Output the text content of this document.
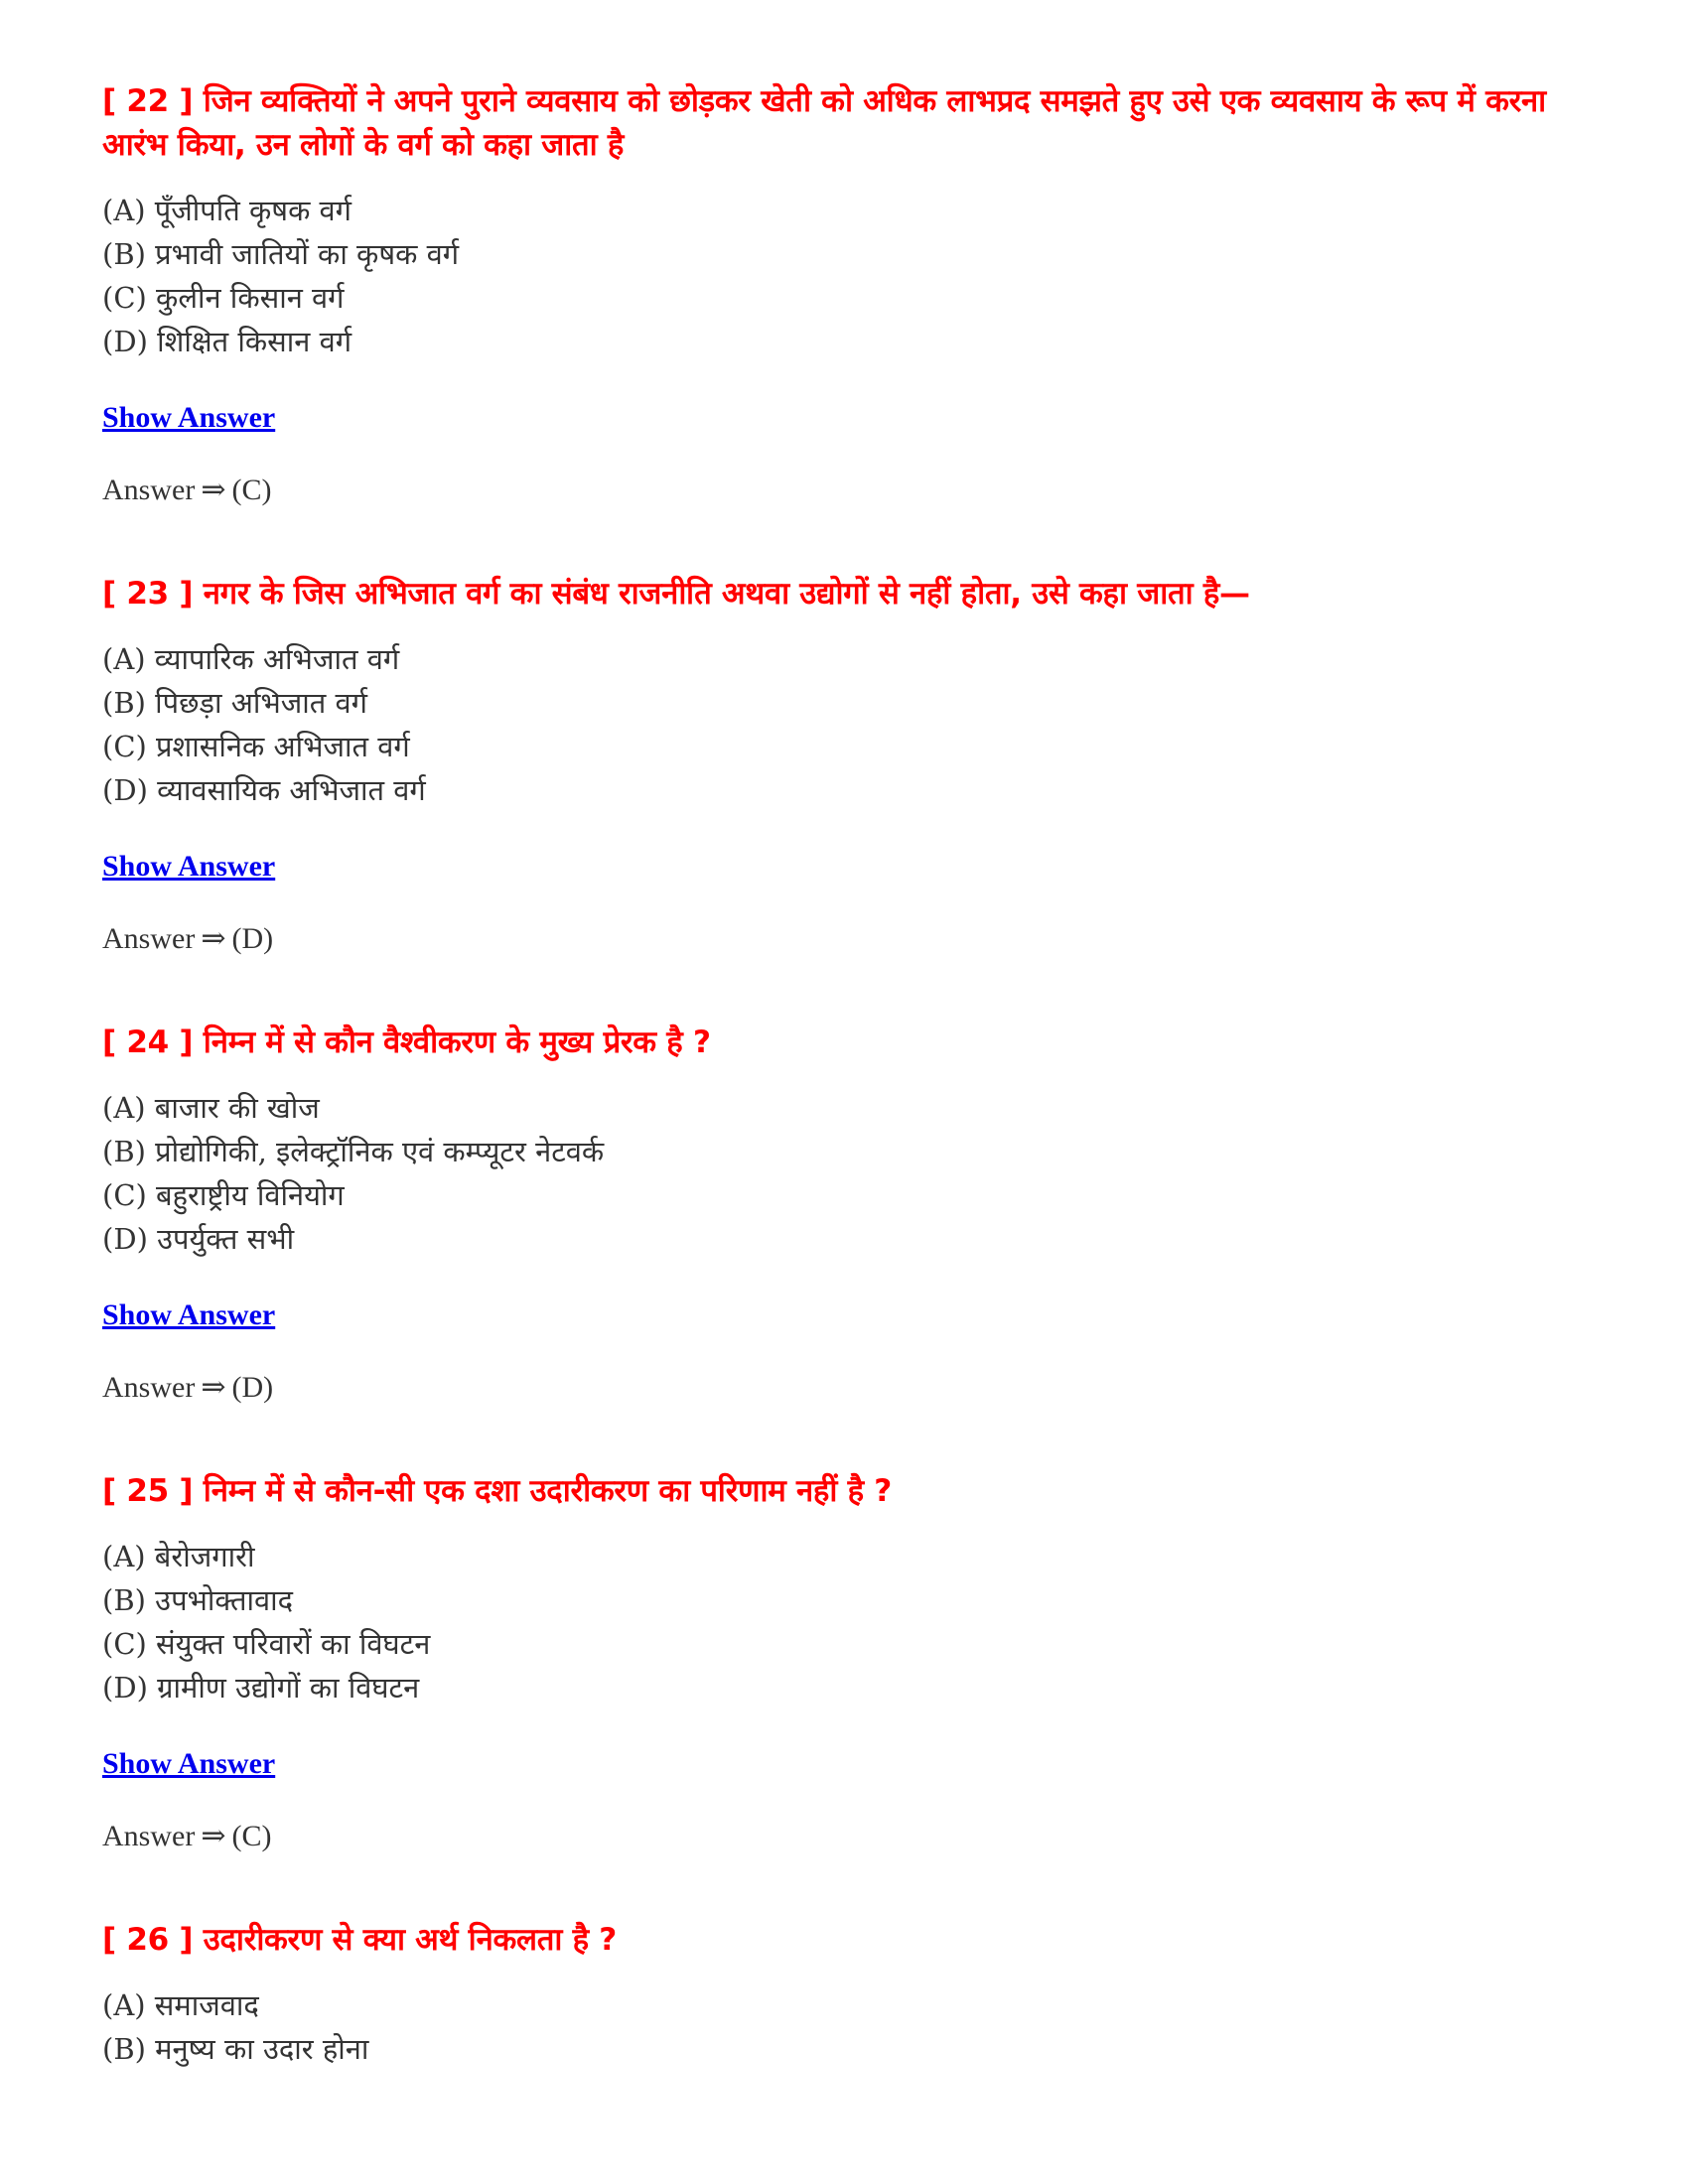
[ 22 ] जिन व्यक्तियों ने अपने पुराने व्यवसाय को छोड़कर खेती को अधिक लाभप्रद समझते हुए उसे एक व्यवसाय के रूप में करना आरंभ किया, उन लोगों के वर्ग को कहा जाता है

(A) पूँजीपति कृषक वर्ग
(B) प्रभावी जातियों का कृषक वर्ग
(C) कुलीन किसान वर्ग
(D) शिक्षित किसान वर्ग
Show Answer
Answer ⇒ (C)

[ 23 ] नगर के जिस अभिजात वर्ग का संबंध राजनीति अथवा उद्योगों से नहीं होता, उसे कहा जाता है—

(A) व्यापारिक अभिजात वर्ग
(B) पिछड़ा अभिजात वर्ग
(C) प्रशासनिक अभिजात वर्ग
(D) व्यावसायिक अभिजात वर्ग
Show Answer
Answer ⇒ (D)

[ 24 ] निम्न में से कौन वैश्वीकरण के मुख्य प्रेरक है ?

(A) बाजार की खोज
(B) प्रोद्योगिकी, इलेक्ट्रॉनिक एवं कम्प्यूटर नेटवर्क
(C) बहुराष्ट्रीय विनियोग
(D) उपर्युक्त सभी
Show Answer
Answer ⇒ (D)

[ 25 ] निम्न में से कौन-सी एक दशा उदारीकरण का परिणाम नहीं है ?

(A) बेरोजगारी
(B) उपभोक्तावाद
(C) संयुक्त परिवारों का विघटन
(D) ग्रामीण उद्योगों का विघटन
Show Answer
Answer ⇒ (C)

[ 26 ] उदारीकरण से क्या अर्थ निकलता है ?

(A) समाजवाद
(B) मनुष्य का उदार होना
